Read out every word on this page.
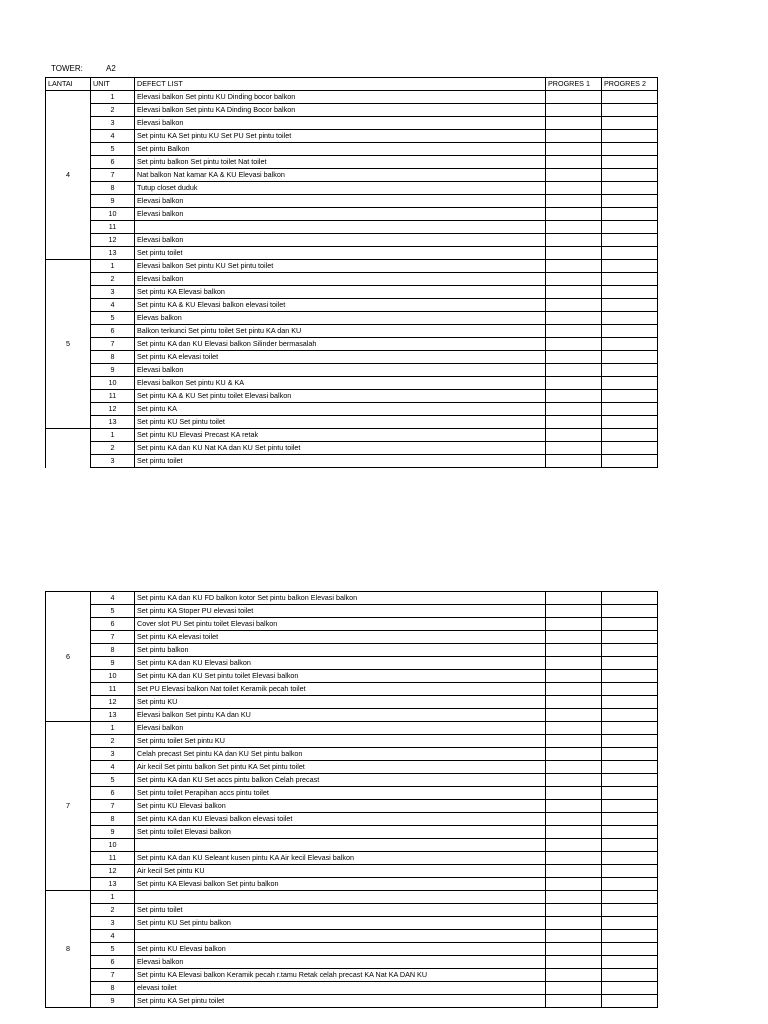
TOWER:	A2
LANTAI	UNIT	DEFECT LIST	PROGRES 1	PROGRES 2
4	1	Elevasi balkon Set pintu KU Dinding bocor balkon		
	2	Elevasi balkon Set pintu KA Dinding Bocor balkon		
	3	Elevasi balkon		
	4	Set pintu KA Set pintu KU Set PU Set pintu toilet		
	5	Set pintu Balkon		
	6	Set pintu balkon Set pintu toilet Nat toilet		
	7	Nat balkon Nat kamar KA & KU Elevasi balkon		
	8	Tutup closet duduk		
	9	Elevasi balkon		
	10	Elevasi balkon		
	11			
	12	Elevasi balkon		
	13	Set pintu toilet		
5	1	Elevasi balkon Set pintu KU Set pintu toilet		
	2	Elevasi balkon		
	3	Set pintu KA Elevasi balkon		
	4	Set pintu KA & KU Elevasi balkon elevasi toilet		
	5	Elevas balkon		
	6	Balkon terkunci Set pintu toilet Set pintu KA dan KU		
	7	Set pintu KA dan KU Elevasi balkon Silinder bermasalah		
	8	Set pintu KA elevasi toilet		
	9	Elevasi balkon		
	10	Elevasi balkon Set pintu KU & KA		
	11	Set pintu KA & KU Set pintu toilet Elevasi balkon		
	12	Set pintu KA		
	13	Set pintu KU Set pintu toilet		
	1	Set pintu KU Elevasi Precast KA retak		
	2	Set pintu KA dan KU Nat KA dan KU Set pintu toilet		
	3	Set pintu toilet		
6	4	Set pintu KA dan KU FD balkon kotor Set pintu balkon Elevasi balkon		
	5	Set pintu KA Stoper PU elevasi toilet		
	6	Cover slot PU Set pintu toilet Elevasi balkon		
	7	Set pintu KA elevasi toilet		
	8	Set pintu balkon		
	9	Set pintu KA dan KU Elevasi balkon		
	10	Set pintu KA dan KU Set pintu toilet Elevasi balkon		
	11	Set PU Elevasi balkon Nat toilet Keramik pecah toilet		
	12	Set pintu KU		
	13	Elevasi balkon Set pintu KA dan KU		
7	1	Elevasi balkon		
	2	Set pintu toilet Set pintu KU		
	3	Celah precast Set pintu KA dan KU Set pintu balkon		
	4	Air kecil Set pintu balkon Set pintu KA Set pintu toilet		
	5	Set pintu KA dan KU Set accs pintu balkon Celah precast		
	6	Set pintu toilet Perapihan accs pintu toilet		
	7	Set pintu KU Elevasi balkon		
	8	Set pintu KA dan KU Elevasi balkon elevasi toilet		
	9	Set pintu toilet Elevasi balkon		
	10			
	11	Set pintu KA dan KU Seleant kusen pintu KA Air kecil Elevasi balkon		
	12	Air kecil Set pintu KU		
	13	Set pintu KA Elevasi balkon Set pintu balkon		
8	1			
	2	Set pintu toilet		
	3	Set pintu KU Set pintu balkon		
	4			
	5	Set pintu KU Elevasi balkon		
	6	Elevasi balkon		
	7	Set pintu KA Elevasi balkon Keramik pecah r.tamu Retak celah precast KA Nat KA DAN KU		
	8	elevasi toilet		
	9	Set pintu KA Set pintu toilet		
